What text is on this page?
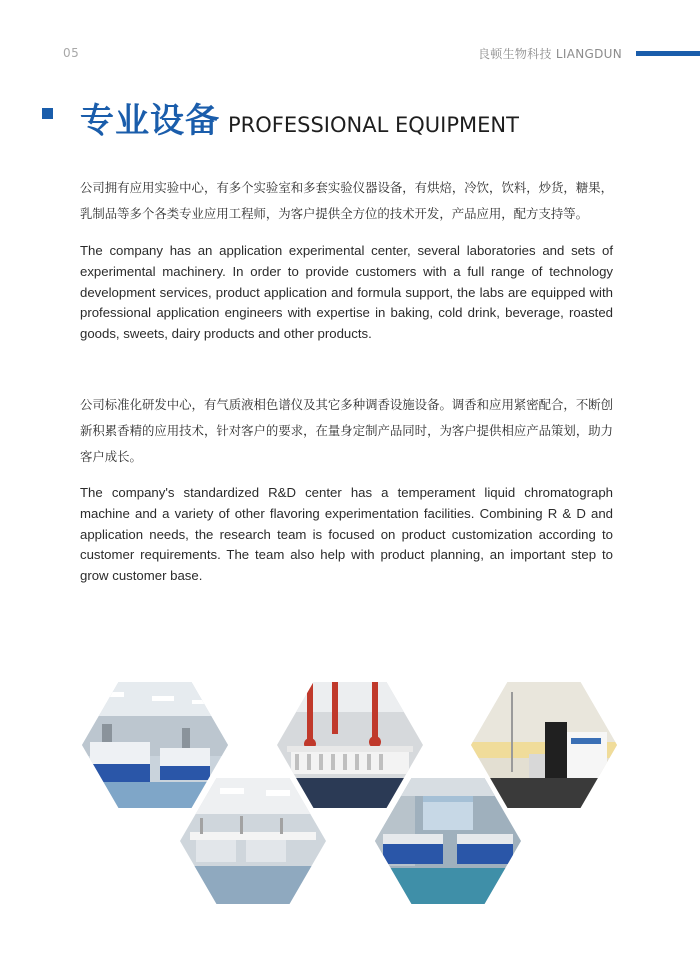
05	良顿生物科技 LIANGDUN
专业设备 PROFESSIONAL EQUIPMENT

公司拥有应用实验中心，有多个实验室和多套实验仪器设备，有烘焙，冷饮，饮料，炒货，糖果，乳制品等多个各类专业应用工程师，为客户提供全方位的技术开发，产品应用，配方支持等。

The company has an application experimental center, several laboratories and sets of experimental machinery. In order to provide customers with a full range of technology development services, product application and formula support, the labs are equipped with professional application engineers with expertise in baking, cold drink, beverage, roasted goods, sweets, dairy products and other products.

公司标准化研发中心，有气质液相色谱仪及其它多种调香设施设备。调香和应用紧密配合，不断创新积累香精的应用技术，针对客户的要求，在量身定制产品同时，为客户提供相应产品策划，助力客户成长。

The company's standardized R&D center has a temperament liquid chromatograph machine and a variety of other flavoring experimentation facilities. Combining R & D and application needs, the research team is focused on product customization according to customer requirements. The team also help with product planning, an important step to grow customer base.
